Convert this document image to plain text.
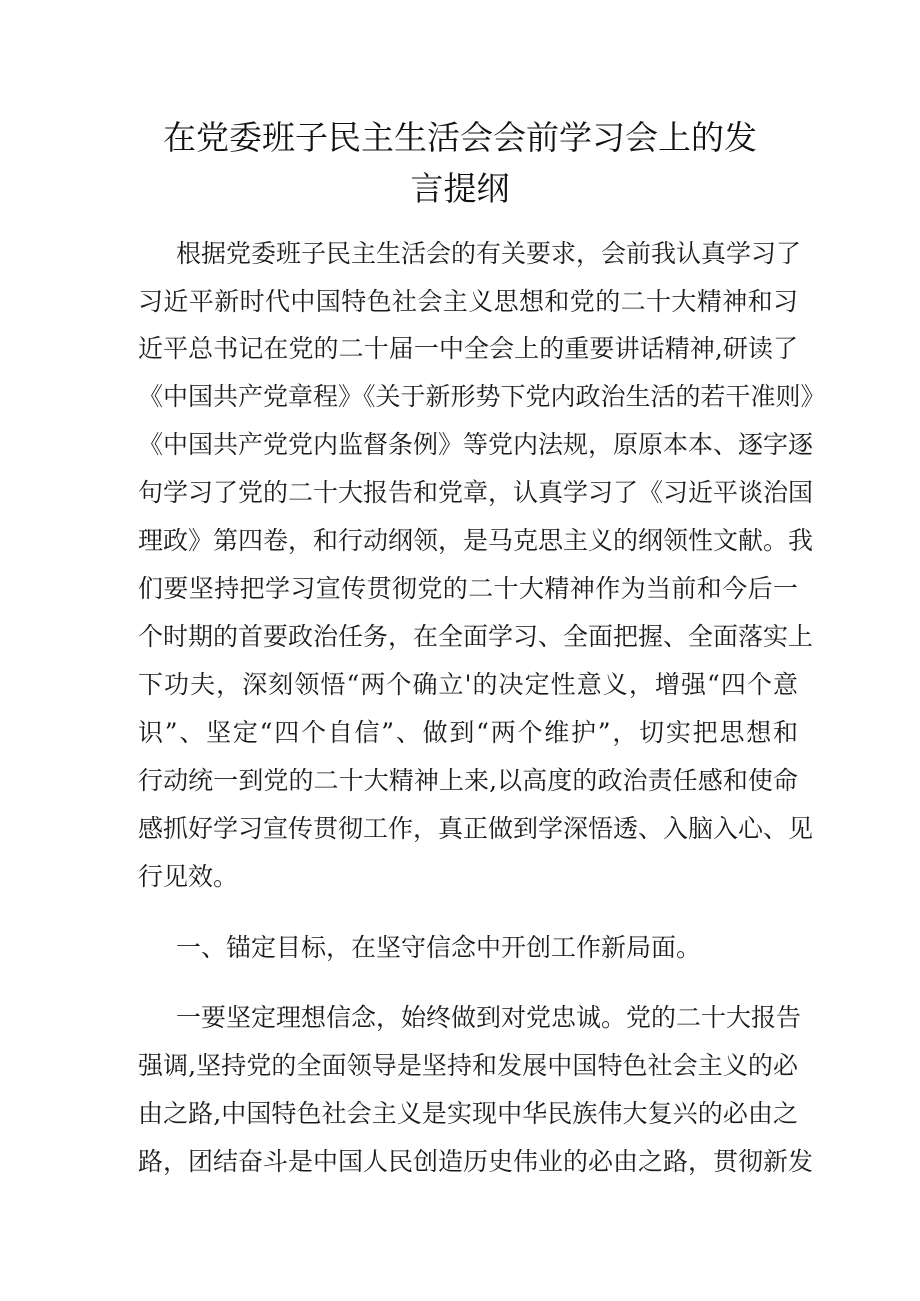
在党委班子民主生活会会前学习会上的发
言提纲
根据党委班子民主生活会的有关要求，会前我认真学习了
习近平新时代中国特色社会主义思想和党的二十大精神和习
近平总书记在党的二十届一中全会上的重要讲话精神,研读了
《中国共产党章程》《关于新形势下党内政治生活的若干准则》
《中国共产党党内监督条例》等党内法规，原原本本、逐字逐
句学习了党的二十大报告和党章，认真学习了《习近平谈治国
理政》第四卷，和行动纲领，是马克思主义的纲领性文献。我
们要坚持把学习宣传贯彻党的二十大精神作为当前和今后一
个时期的首要政治任务，在全面学习、全面把握、全面落实上
下功夫，深刻领悟“两个确立'的决定性意义，增强“四个意
识”、坚定“四个自信”、做到“两个维护”，切实把思想和
行动统一到党的二十大精神上来,以高度的政治责任感和使命
感抓好学习宣传贯彻工作，真正做到学深悟透、入脑入心、见
行见效。
一、锚定目标，在坚守信念中开创工作新局面。
一要坚定理想信念，始终做到对党忠诚。党的二十大报告
强调,坚持党的全面领导是坚持和发展中国特色社会主义的必
由之路,中国特色社会主义是实现中华民族伟大复兴的必由之
路，团结奋斗是中国人民创造历史伟业的必由之路，贯彻新发
